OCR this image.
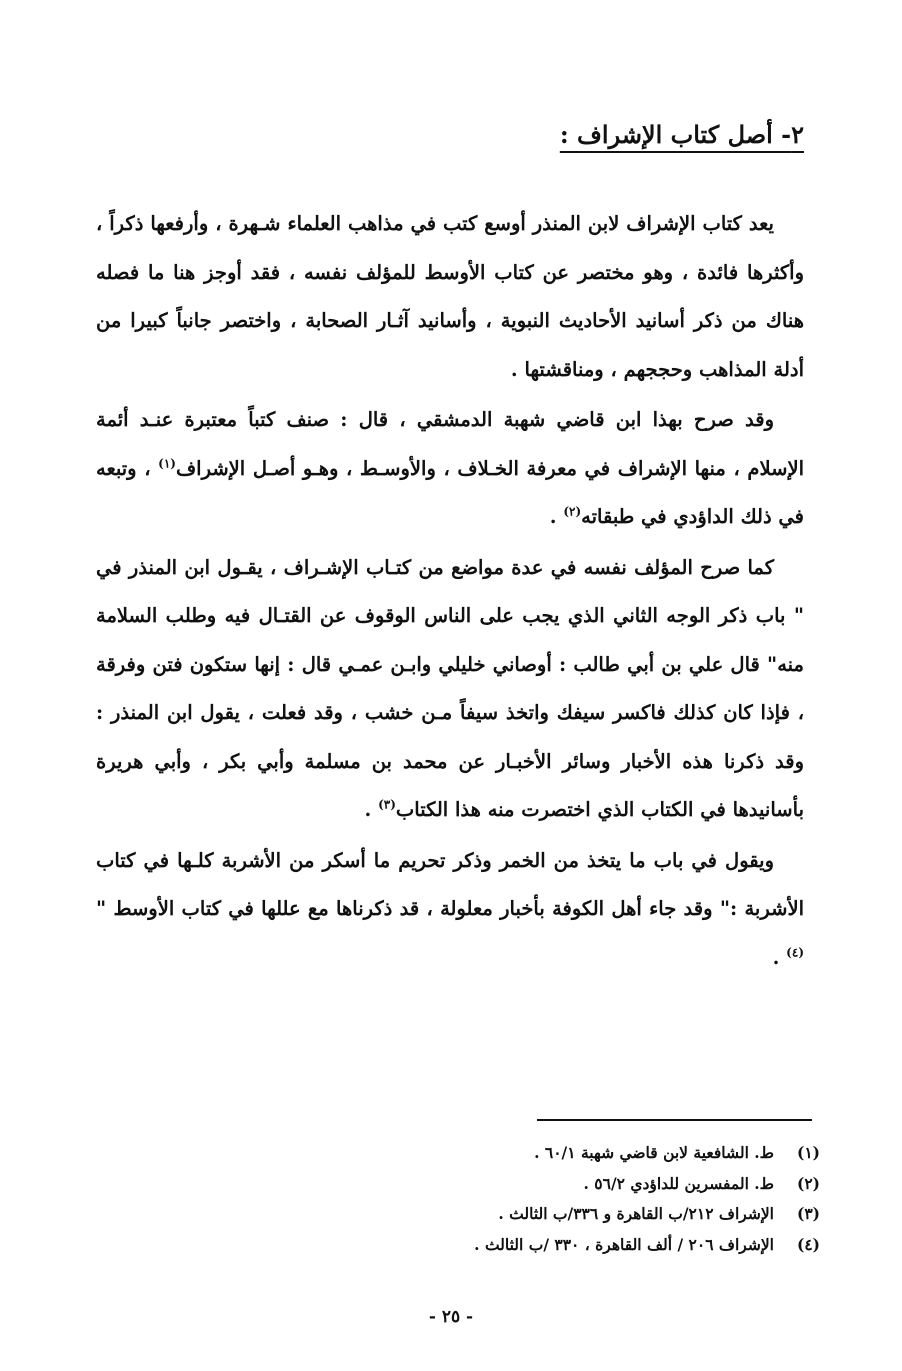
٢- أصل كتاب الإشراف :

يعد كتاب الإشراف لابن المنذر أوسع كتب في مذاهب العلماء شـهرة ، وأرفعها ذكراً ، وأكثرها فائدة ، وهو مختصر عن كتاب الأوسط للمؤلف نفسه ، فقد أوجز هنا ما فصله هناك من ذكر أسانيد الأحاديث النبوية ، وأسانيد آثـار الصحابة ، واختصر جانباً كبيرا من أدلة المذاهب وحججهم ، ومناقشتها .

وقد صرح بهذا ابن قاضي شهبة الدمشقي ، قال : صنف كتباً معتبرة عنـد أئمة الإسلام ، منها الإشراف في معرفة الخـلاف ، والأوسـط ، وهـو أصـل الإشراف$^{(١)}$ ، وتبعه في ذلك الداؤدي في طبقاته$^{(٢)}$ .

كما صرح المؤلف نفسه في عدة مواضع من كتـاب الإشـراف ، يقـول ابن المنذر في " باب ذكر الوجه الثاني الذي يجب على الناس الوقوف عن القتـال فيه وطلب السلامة منه" قال علي بن أبي طالب : أوصاني خليلي وابـن عمـي قال : إنها ستكون فتن وفرقة ، فإذا كان كذلك فاكسر سيفك واتخذ سيفاً مـن خشب ، وقد فعلت ، يقول ابن المنذر : وقد ذكرنا هذه الأخبار وسائر الأخبـار عن محمد بن مسلمة وأبي بكر ، وأبي هريرة بأسانيدها في الكتاب الذي اختصرت منه هذا الكتاب$^{(٣)}$ .

ويقول في باب ما يتخذ من الخمر وذكر تحريم ما أسكر من الأشربة كلـها في كتاب الأشربة :" وقد جاء أهل الكوفة بأخبار معلولة ، قد ذكرناها مع عللها في كتاب الأوسط "$^{(٤)}$ .

(١)ط. الشافعية لابن قاضي شهبة ٦٠/١ .
(٢)ط. المفسرين للداؤدي ٥٦/٢ .
(٣)الإشراف ٢١٢/ب القاهرة و ٣٣٦/ب الثالث .
(٤)الإشراف ٢٠٦ / ألف القاهرة ، ٣٣٠ /ب الثالث .
- ٢٥ -
